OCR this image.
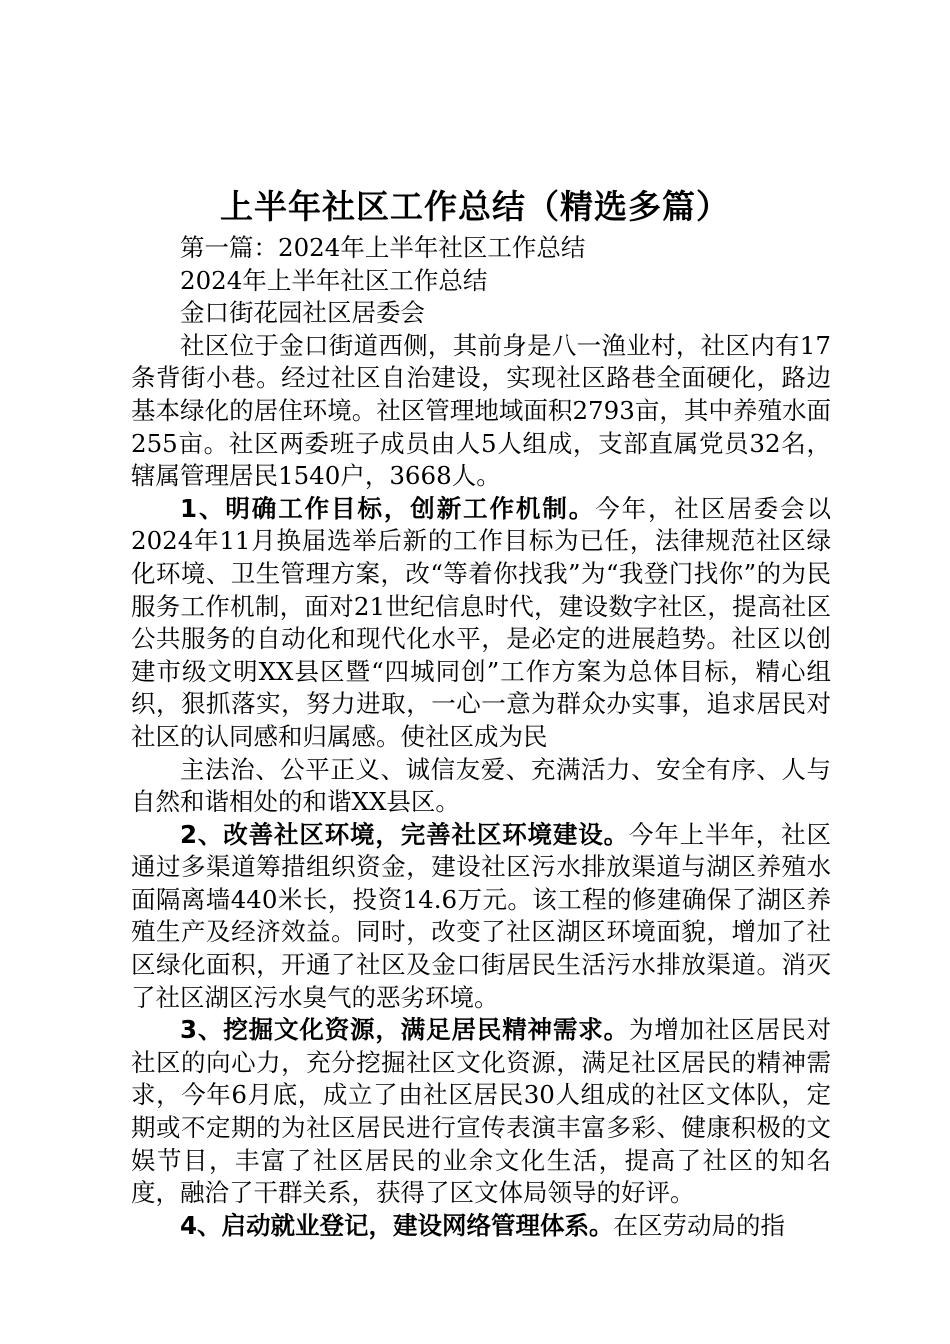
上半年社区工作总结（精选多篇）

第一篇：2024年上半年社区工作总结

2024年上半年社区工作总结

金口街花园社区居委会

社区位于金口街道西侧，其前身是八一渔业村，社区内有17条背街小巷。经过社区自治建设，实现社区路巷全面硬化，路边基本绿化的居住环境。社区管理地域面积2793亩，其中养殖水面255亩。社区两委班子成员由人5人组成，支部直属党员32名，辖属管理居民1540户，3668人。

1、明确工作目标，创新工作机制。今年，社区居委会以2024年11月换届选举后新的工作目标为已任，法律规范社区绿化环境、卫生管理方案，改“等着你找我”为“我登门找你”的为民服务工作机制，面对21世纪信息时代，建设数字社区，提高社区公共服务的自动化和现代化水平，是必定的进展趋势。社区以创建市级文明XX县区暨“四城同创”工作方案为总体目标，精心组织，狠抓落实，努力进取，一心一意为群众办实事，追求居民对社区的认同感和归属感。使社区成为民

主法治、公平正义、诚信友爱、充满活力、安全有序、人与自然和谐相处的和谐XX县区。

2、改善社区环境，完善社区环境建设。今年上半年，社区通过多渠道筹措组织资金，建设社区污水排放渠道与湖区养殖水面隔离墙440米长，投资14.6万元。该工程的修建确保了湖区养殖生产及经济效益。同时，改变了社区湖区环境面貌，增加了社区绿化面积，开通了社区及金口街居民生活污水排放渠道。消灭了社区湖区污水臭气的恶劣环境。

3、挖掘文化资源，满足居民精神需求。为增加社区居民对社区的向心力，充分挖掘社区文化资源，满足社区居民的精神需求，今年6月底，成立了由社区居民30人组成的社区文体队，定期或不定期的为社区居民进行宣传表演丰富多彩、健康积极的文娱节目，丰富了社区居民的业余文化生活，提高了社区的知名度，融洽了干群关系，获得了区文体局领导的好评。

4、启动就业登记，建设网络管理体系。在区劳动局的指
